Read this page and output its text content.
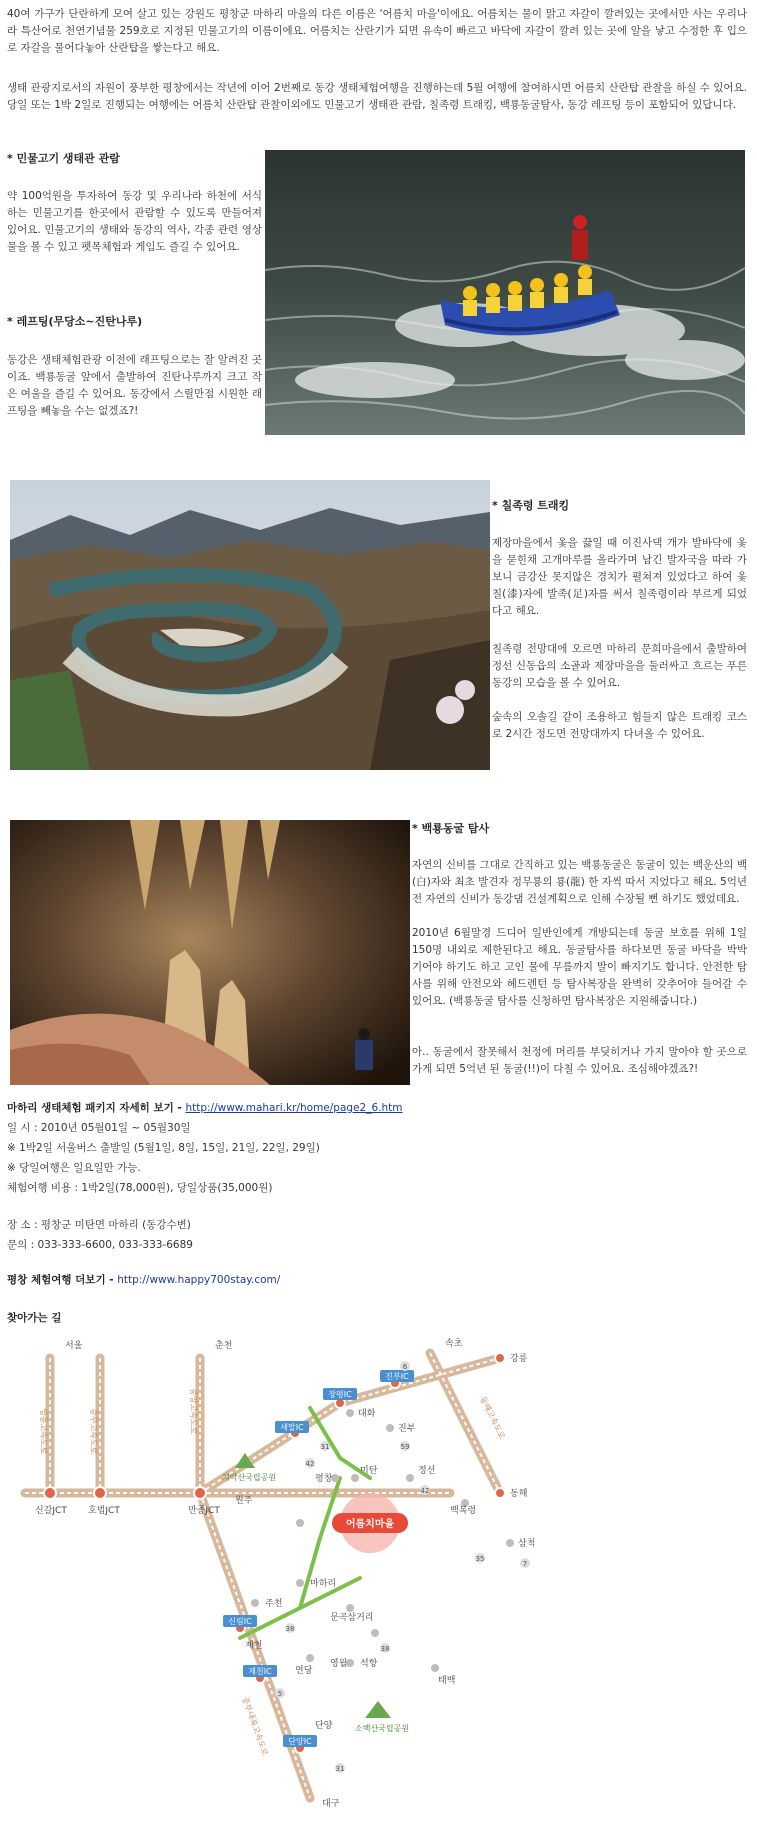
40여 가구가 단란하게 모여 살고 있는 강원도 평창군 마하리 마을의 다른 이름은 '어름치 마을'이에요. 어름치는 물이 맑고 자갈이 깔려있는 곳에서만 사는 우리나라 특산어로 천연기념물 259호로 지정된 민물고기의 이름이에요. 어름치는 산란기가 되면 유속이 빠르고 바닥에 자갈이 깔려 있는 곳에 알을 낳고 수정한 후 입으로 자갈을 물어다놓아 산란탑을 쌓는다고 해요.

생태 관광지로서의 자원이 풍부한 평창에서는 작년에 이어 2번째로 동강 생태체험여행을 진행하는데 5월 여행에 참여하시면 어름치 산란탑 관찰을 하실 수 있어요. 당일 또는 1박 2일로 진행되는 여행에는 어름치 산란탑 관찰이외에도 민물고기 생태관 관람, 칠족령 트래킹, 백룡동굴탐사, 동강 레프팅 등이 포함되어 있답니다.

* 민물고기 생태관 관람

약 100억원을 투자하여 동강 및 우리나라 하천에 서식하는 민물고기를 한곳에서 관람할 수 있도록 만들어져 있어요. 민물고기의 생태와 동강의 역사, 각종 관련 영상물을 볼 수 있고 펫목체험과 게임도 즐길 수 있어요.

* 레프팅(무당소~진탄나루)

동강은 생태체험관광 이전에 래프팅으로는 잘 알려진 곳이죠. 백룡동굴 앞에서 출발하여 진탄나루까지 크고 작은 여울을 즐길 수 있어요. 동강에서 스릴만점 시원한 래프팅을 빼놓을 수는 없겠죠?!

* 칠족령 트래킹

제장마을에서 옻을 끓일 때 이진사댁 개가 발바닥에 옻을 묻힌채 고개마루를 올라가며 남긴 발자국을 따라 가보니 금강산 못지않은 경치가 펼쳐져 있었다고 하여 옻칠(漆)자에 발족(足)자를 써서 칠족령이라 부르게 되었다고 해요.

칠족령 전망대에 오르면 마하리 문희마을에서 출발하여 정선 신동읍의 소골과 제장마을을 둘러싸고 흐르는 푸른 동강의 모습을 볼 수 있어요.

숲속의 오솔길 같이 조용하고 힘들지 않은 트래킹 코스로 2시간 정도면 전망대까지 다녀올 수 있어요.

* 백룡동굴 탐사

자연의 신비를 그대로 간직하고 있는 백룡동굴은 동굴이 있는 백운산의 백(白)자와 최초 발견자 정무룡의 룡(龍) 한 자씩 따서 지었다고 해요. 5억년 전 자연의 신비가 동강댐 건설계획으로 인해 수장될 뻔 하기도 했었데요.

2010년 6월말경 드디어 일반인에게 개방되는데 동굴 보호를 위해 1일 150명 내외로 제한된다고 해요. 동굴탐사를 하다보면 동굴 바닥을 박박 기어야 하기도 하고 고인 물에 무릎까지 발이 빠지기도 합니다. 안전한 탐사를 위해 안전모와 헤드렌턴 등 탐사복장을 완벽히 갖추어야 들어갈 수 있어요. (백룡동굴 탐사를 신청하면 탐사복장은 지원해줍니다.)

아.. 동굴에서 잘못해서 천정에 머리를 부딪히거나 가지 말아야 할 곳으로 가게 되면 5억년 된 동굴(!!)이 다칠 수 있어요. 조심해야겠죠?!

마하리 생태체험 패키지 자세히 보기 - http://www.mahari.kr/home/page2_6.htm

일 시 : 2010년 05월01일 ~ 05월30일

※ 1박2일 서울버스 출발일 (5월1일, 8일, 15일, 21일, 22일, 29일)

※ 당일여행은 일요일만 가능.

체험여행 비용 : 1박2일(78,000원), 당일상품(35,000원)

장 소 : 평창군 미탄면 마하리 (동강수변)

문의 : 033-333-6600, 033-333-6689

평창 체험여행 더보기 - http://www.happy700stay.com/

찾아가는 길

어름치마을
새말IC
장평IC
진부IC
신림IC
제천IC
단양IC
서울	춘천	속초
강릉
대구
신갈JCT 호법JCT	만종JCT
원주
대화
진부
평창
미탄	정선
백복령
동해
삼척
마하리
문곡삼거리
영월 석항
태백
주천
제천
연당
단양
영동고속도로	중부고속도로	중앙고속도로
중부내륙고속도로
동해고속도로
치악산국립공원
소백산국립공원
6
59
31
42
42
38
5
38
35
7
31
